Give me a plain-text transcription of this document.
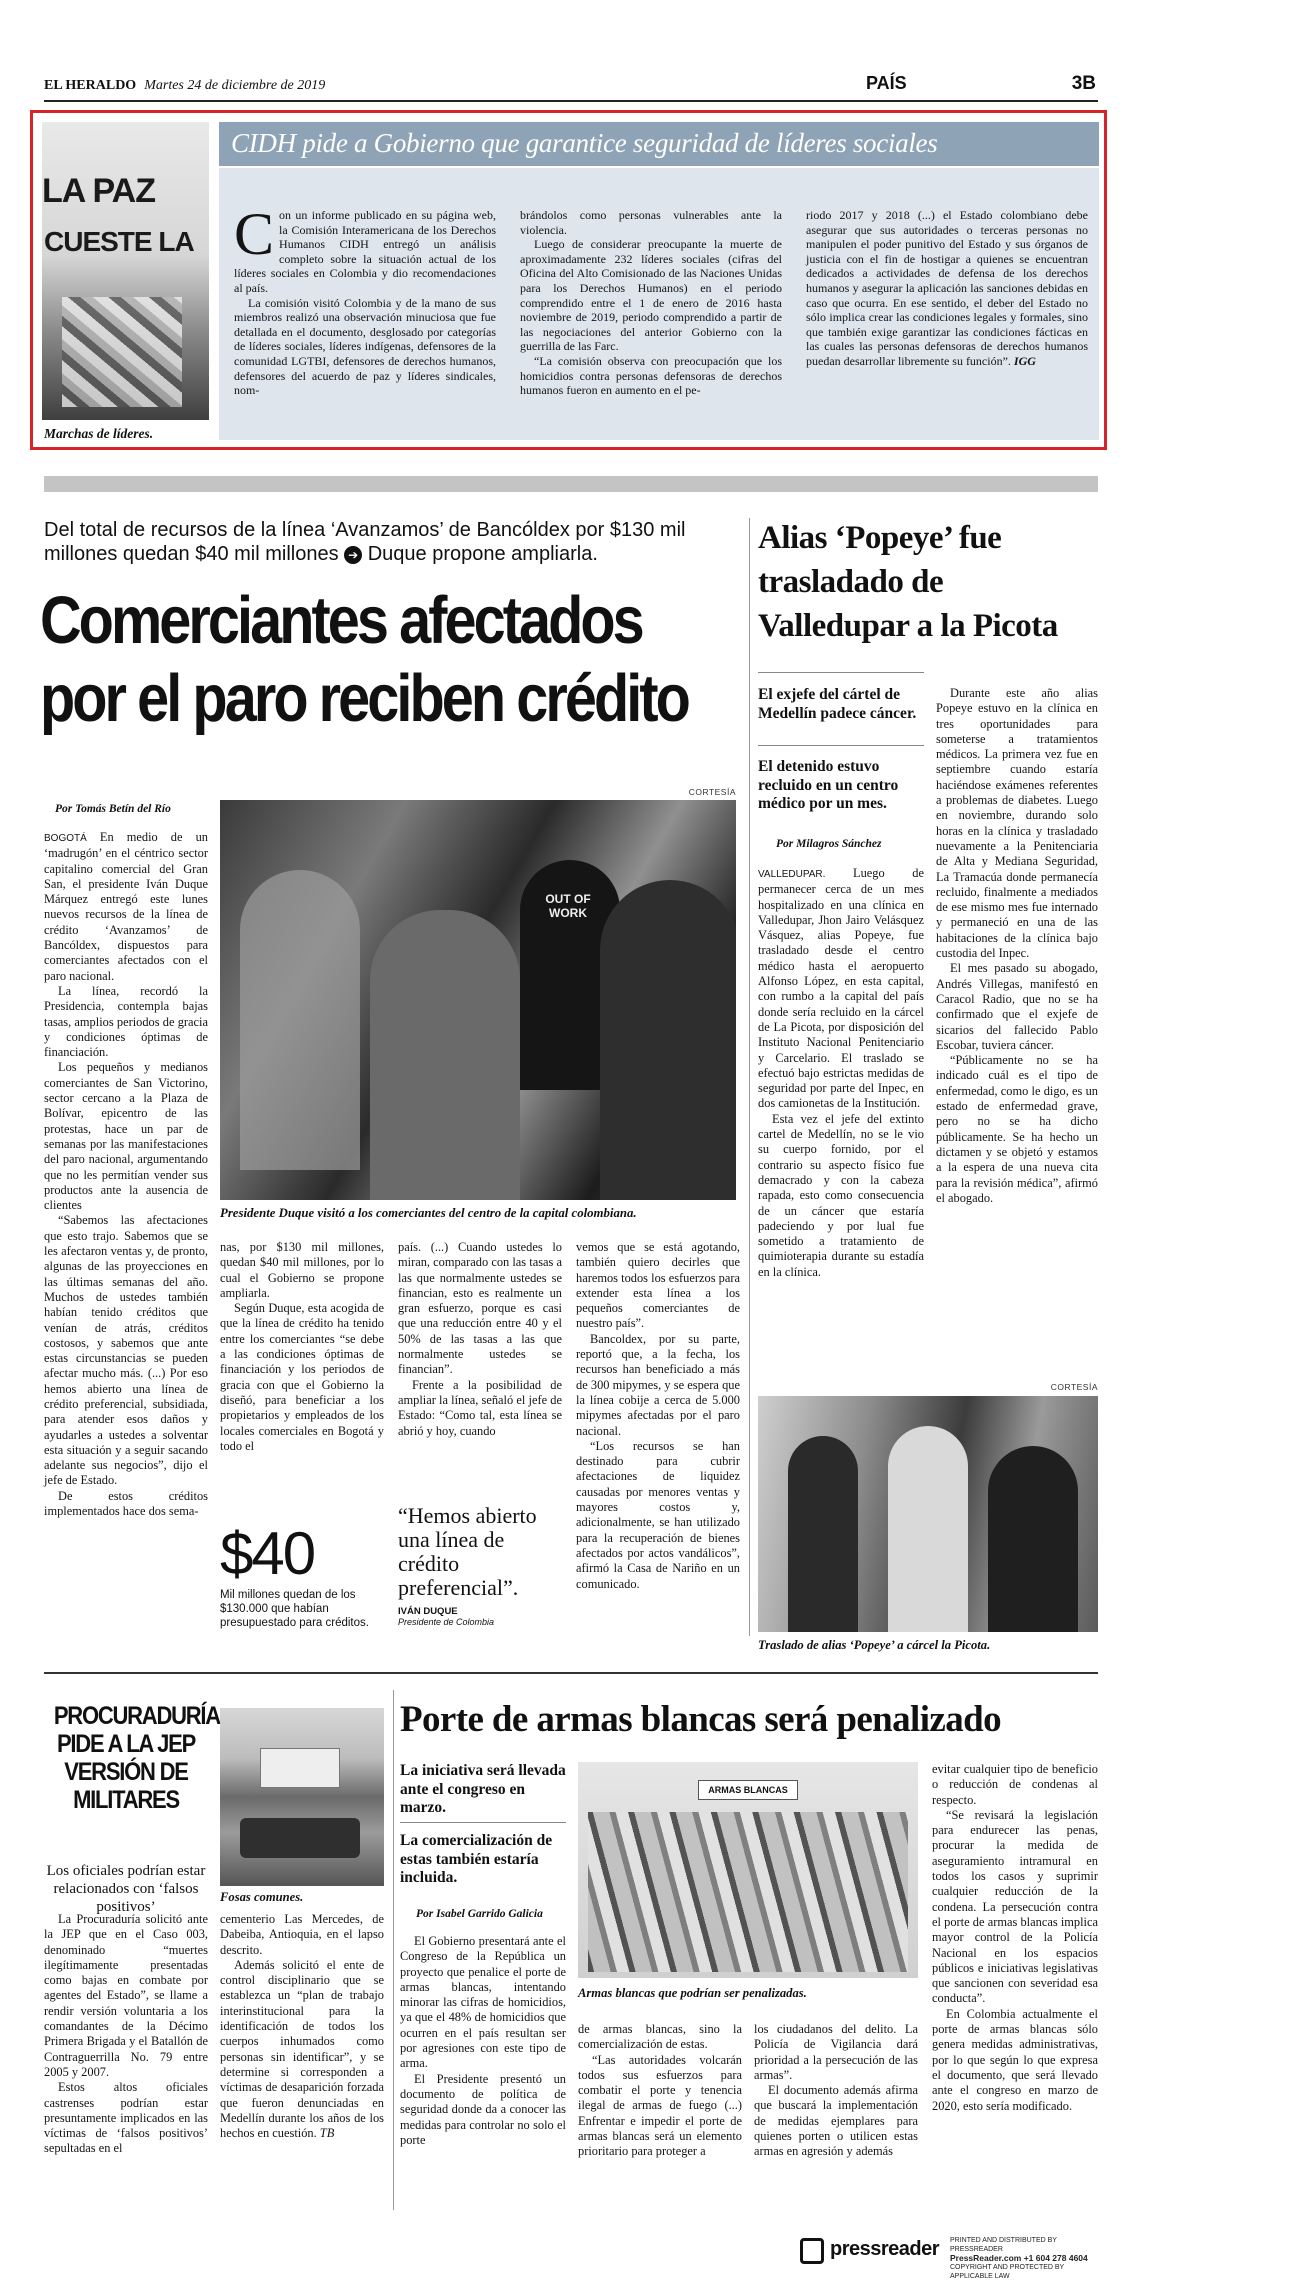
EL HERALDO Martes 24 de diciembre de 2019	PAÍS	3B
LA PAZ
CUESTE LA
Marchas de líderes.
CIDH pide a Gobierno que garantice seguridad de líderes sociales

Con un informe publicado en su página web, la Comisión Interamericana de los Derechos Humanos CIDH entregó un análisis completo sobre la situación actual de los líderes sociales en Colombia y dio recomendaciones al país.

La comisión visitó Colombia y de la mano de sus miembros realizó una observación minuciosa que fue detallada en el documento, desglosado por categorías de líderes sociales, líderes indígenas, defensores de la comunidad LGTBI, defensores de derechos humanos, defensores del acuerdo de paz y líderes sindicales, nom-

brándolos como personas vulnerables ante la violencia.

Luego de considerar preocupante la muerte de aproximadamente 232 líderes sociales (cifras del Oficina del Alto Comisionado de las Naciones Unidas para los Derechos Humanos) en el periodo comprendido entre el 1 de enero de 2016 hasta noviembre de 2019, periodo comprendido a partir de las negociaciones del anterior Gobierno con la guerrilla de las Farc.

“La comisión observa con preocupación que los homicidios contra personas defensoras de derechos humanos fueron en aumento en el pe-

riodo 2017 y 2018 (...) el Estado colombiano debe asegurar que sus autoridades o terceras personas no manipulen el poder punitivo del Estado y sus órganos de justicia con el fin de hostigar a quienes se encuentran dedicados a actividades de defensa de los derechos humanos y asegurar la aplicación las sanciones debidas en caso que ocurra. En ese sentido, el deber del Estado no sólo implica crear las condiciones legales y formales, sino que también exige garantizar las condiciones fácticas en las cuales las personas defensoras de derechos humanos puedan desarrollar libremente su función”. IGG

Del total de recursos de la línea ‘Avanzamos’ de Bancóldex por $130 mil millones quedan $40 mil millones ➔ Duque propone ampliarla.
Comerciantes afectados
por el paro reciben crédito
Por Tomás Betín del Río
CORTESÍA
OUT OF WORK
Presidente Duque visitó a los comerciantes del centro de la capital colombiana.

BOGOTÁ En medio de un ‘madrugón’ en el céntrico sector capitalino comercial del Gran San, el presidente Iván Duque Márquez entregó este lunes nuevos recursos de la línea de crédito ‘Avanzamos’ de Bancóldex, dispuestos para comerciantes afectados con el paro nacional.

La línea, recordó la Presidencia, contempla bajas tasas, amplios periodos de gracia y condiciones óptimas de financiación.

Los pequeños y medianos comerciantes de San Victorino, sector cercano a la Plaza de Bolívar, epicentro de las protestas, hace un par de semanas por las manifestaciones del paro nacional, argumentando que no les permitían vender sus productos ante la ausencia de clientes

“Sabemos las afectaciones que esto trajo. Sabemos que se les afectaron ventas y, de pronto, algunas de las proyecciones en las últimas semanas del año. Muchos de ustedes también habían tenido créditos que venían de atrás, créditos costosos, y sabemos que ante estas circunstancias se pueden afectar mucho más. (...) Por eso hemos abierto una línea de crédito preferencial, subsidiada, para atender esos daños y ayudarles a ustedes a solventar esta situación y a seguir sacando adelante sus negocios”, dijo el jefe de Estado.

De estos créditos implementados hace dos sema-

nas, por $130 mil millones, quedan $40 mil millones, por lo cual el Gobierno se propone ampliarla.

Según Duque, esta acogida de que la línea de crédito ha tenido entre los comerciantes “se debe a las condiciones óptimas de financiación y los periodos de gracia con que el Gobierno la diseñó, para beneficiar a los propietarios y empleados de los locales comerciales en Bogotá y todo el

$40
Mil millones quedan de los $130.000 que habían presupuestado para créditos.

país. (...) Cuando ustedes lo miran, comparado con las tasas a las que normalmente ustedes se financian, esto es realmente un gran esfuerzo, porque es casi que una reducción entre 40 y el 50% de las tasas a las que normalmente ustedes se financian”.

Frente a la posibilidad de ampliar la línea, señaló el jefe de Estado: “Como tal, esta línea se abrió y hoy, cuando

“Hemos abierto una línea de crédito preferencial”.
IVÁN DUQUE
Presidente de Colombia

vemos que se está agotando, también quiero decirles que haremos todos los esfuerzos para extender esta línea a los pequeños comerciantes de nuestro país”.

Bancoldex, por su parte, reportó que, a la fecha, los recursos han beneficiado a más de 300 mipymes, y se espera que la línea cobije a cerca de 5.000 mipymes afectadas por el paro nacional.

“Los recursos se han destinado para cubrir afectaciones de liquidez causadas por menores ventas y mayores costos y, adicionalmente, se han utilizado para la recuperación de bienes afectados por actos vandálicos”, afirmó la Casa de Nariño en un comunicado.

Alias ‘Popeye’ fue trasladado de Valledupar a la Picota
El exjefe del cártel de Medellín padece cáncer.
El detenido estuvo recluido en un centro médico por un mes.
Por Milagros Sánchez

VALLEDUPAR. Luego de permanecer cerca de un mes hospitalizado en una clínica en Valledupar, Jhon Jairo Velásquez Vásquez, alias Popeye, fue trasladado desde el centro médico hasta el aeropuerto Alfonso López, en esta capital, con rumbo a la capital del país donde sería recluido en la cárcel de La Picota, por disposición del Instituto Nacional Penitenciario y Carcelario. El traslado se efectuó bajo estrictas medidas de seguridad por parte del Inpec, en dos camionetas de la Institución.

Esta vez el jefe del extinto cartel de Medellín, no se le vio su cuerpo fornido, por el contrario su aspecto físico fue demacrado y con la cabeza rapada, esto como consecuencia de un cáncer que estaría padeciendo y por lual fue sometido a tratamiento de quimioterapia durante su estadía en la clínica.

Durante este año alias Popeye estuvo en la clínica en tres oportunidades para someterse a tratamientos médicos. La primera vez fue en septiembre cuando estaría haciéndose exámenes referentes a problemas de diabetes. Luego en noviembre, durando solo horas en la clínica y trasladado nuevamente a la Penitenciaria de Alta y Mediana Seguridad, La Tramacúa donde permanecía recluido, finalmente a mediados de ese mismo mes fue internado y permaneció en una de las habitaciones de la clínica bajo custodia del Inpec.

El mes pasado su abogado, Andrés Villegas, manifestó en Caracol Radio, que no se ha confirmado que el exjefe de sicarios del fallecido Pablo Escobar, tuviera cáncer.

“Públicamente no se ha indicado cuál es el tipo de enfermedad, como le digo, es un estado de enfermedad grave, pero no se ha dicho públicamente. Se ha hecho un dictamen y se objetó y estamos a la espera de una nueva cita para la revisión médica”, afirmó el abogado.

CORTESÍA
Traslado de alias ‘Popeye’ a cárcel la Picota.
PROCURADURÍA PIDE A LA JEP VERSIÓN DE MILITARES
Los oficiales podrían estar relacionados con ‘falsos positivos’
Fosas comunes.

La Procuraduría solicitó ante la JEP que en el Caso 003, denominado “muertes ilegítimamente presentadas como bajas en combate por agentes del Estado”, se llame a rendir versión voluntaria a los comandantes de la Décimo Primera Brigada y el Batallón de Contraguerrilla No. 79 entre 2005 y 2007.

Estos altos oficiales castrenses podrían estar presuntamente implicados en las víctimas de ‘falsos positivos’ sepultadas en el

cementerio Las Mercedes, de Dabeiba, Antioquia, en el lapso descrito.

Además solicitó el ente de control disciplinario que se establezca un “plan de trabajo interinstitucional para la identificación de todos los cuerpos inhumados como personas sin identificar”, y se determine si corresponden a víctimas de desaparición forzada que fueron denunciadas en Medellín durante los años de los hechos en cuestión. TB

Porte de armas blancas será penalizado
La iniciativa será llevada ante el congreso en marzo.
La comercialización de estas también estaría incluida.
Por Isabel Garrido Galicia
ARMAS BLANCAS
Armas blancas que podrían ser penalizadas.

El Gobierno presentará ante el Congreso de la República un proyecto que penalice el porte de armas blancas, intentando minorar las cifras de homicidios, ya que el 48% de homicidios que ocurren en el país resultan ser por agresiones con este tipo de arma.

El Presidente presentó un documento de política de seguridad donde da a conocer las medidas para controlar no solo el porte

de armas blancas, sino la comercialización de estas.

“Las autoridades volcarán todos sus esfuerzos para combatir el porte y tenencia ilegal de armas de fuego (...) Enfrentar e impedir el porte de armas blancas será un elemento prioritario para proteger a

los ciudadanos del delito. La Policía de Vigilancia dará prioridad a la persecución de las armas”.

El documento además afirma que buscará la implementación de medidas ejemplares para quienes porten o utilicen estas armas en agresión y además

evitar cualquier tipo de beneficio o reducción de condenas al respecto.

“Se revisará la legislación para endurecer las penas, procurar la medida de aseguramiento intramural en todos los casos y suprimir cualquier reducción de la condena. La persecución contra el porte de armas blancas implica mayor control de la Policía Nacional en los espacios públicos e iniciativas legislativas que sancionen con severidad esa conducta”.

En Colombia actualmente el porte de armas blancas sólo genera medidas administrativas, por lo que según lo que expresa el documento, que será llevado ante el congreso en marzo de 2020, esto sería modificado.

pressreader PRINTED AND DISTRIBUTED BY PRESSREADER
PressReader.com +1 604 278 4604
COPYRIGHT AND PROTECTED BY APPLICABLE LAW
